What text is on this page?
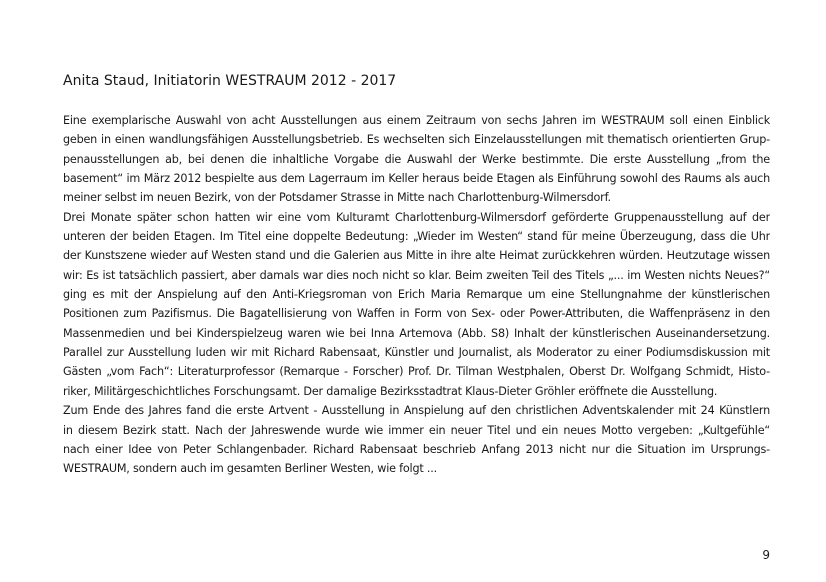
Anita Staud, Initiatorin WESTRAUM 2012 - 2017
Eine exemplarische Auswahl von acht Ausstellungen aus einem Zeitraum von sechs Jahren im WESTRAUM soll einen Einblick
geben in einen wandlungsfähigen Ausstellungsbetrieb. Es wechselten sich Einzelausstellungen mit thematisch orientierten Grup-
penausstellungen ab, bei denen die inhaltliche Vorgabe die Auswahl der Werke bestimmte. Die erste Ausstellung „from the
basement“ im März 2012 bespielte aus dem Lagerraum im Keller heraus beide Etagen als Einführung sowohl des Raums als auch
meiner selbst im neuen Bezirk, von der Potsdamer Strasse in Mitte nach Charlottenburg-Wilmersdorf.
Drei Monate später schon hatten wir eine vom Kulturamt Charlottenburg-Wilmersdorf geförderte Gruppenausstellung auf der
unteren der beiden Etagen. Im Titel eine doppelte Bedeutung: „Wieder im Westen“ stand für meine Überzeugung, dass die Uhr
der Kunstszene wieder auf Westen stand und die Galerien aus Mitte in ihre alte Heimat zurückkehren würden. Heutzutage wissen
wir: Es ist tatsächlich passiert, aber damals war dies noch nicht so klar. Beim zweiten Teil des Titels „... im Westen nichts Neues?“
ging es mit der Anspielung auf den Anti-Kriegsroman von Erich Maria Remarque um eine Stellungnahme der künstlerischen
Positionen zum Pazifismus. Die Bagatellisierung von Waffen in Form von Sex- oder Power-Attributen, die Waffenpräsenz in den
Massenmedien und bei Kinderspielzeug waren wie bei Inna Artemova (Abb. S8) Inhalt der künstlerischen Auseinandersetzung.
Parallel zur Ausstellung luden wir mit Richard Rabensaat, Künstler und Journalist, als Moderator zu einer Podiumsdiskussion mit
Gästen „vom Fach“: Literaturprofessor (Remarque - Forscher) Prof. Dr. Tilman Westphalen, Oberst Dr. Wolfgang Schmidt, Histo-
riker, Militärgeschichtliches Forschungsamt. Der damalige Bezirksstadtrat Klaus-Dieter Gröhler eröffnete die Ausstellung.
Zum Ende des Jahres fand die erste Artvent - Ausstellung in Anspielung auf den christlichen Adventskalender mit 24 Künstlern
in diesem Bezirk statt. Nach der Jahreswende wurde wie immer ein neuer Titel und ein neues Motto vergeben: „Kultgefühle“
nach einer Idee von Peter Schlangenbader. Richard Rabensaat beschrieb Anfang 2013 nicht nur die Situation im Ursprungs-
WESTRAUM, sondern auch im gesamten Berliner Westen, wie folgt ...
9
